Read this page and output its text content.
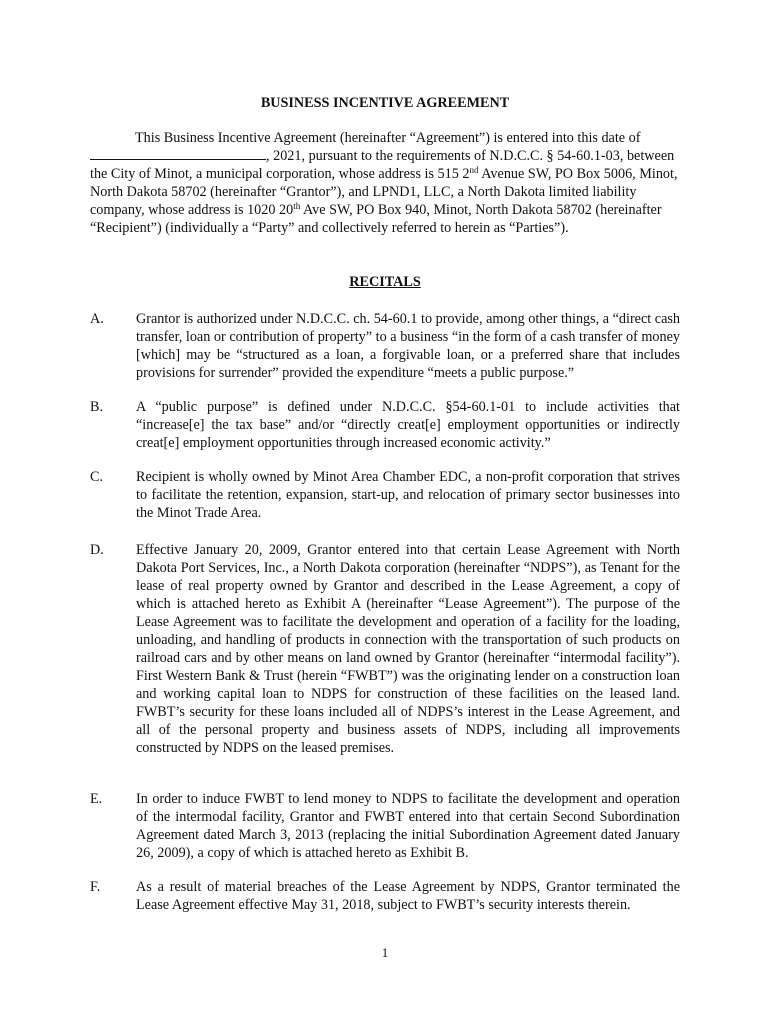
BUSINESS INCENTIVE AGREEMENT
This Business Incentive Agreement (hereinafter “Agreement”) is entered into this date of , 2021, pursuant to the requirements of N.D.C.C. § 54-60.1-03, between the City of Minot, a municipal corporation, whose address is 515 2nd Avenue SW, PO Box 5006, Minot, North Dakota 58702 (hereinafter “Grantor”), and LPND1, LLC, a North Dakota limited liability company, whose address is 1020 20th Ave SW, PO Box 940, Minot, North Dakota 58702 (hereinafter “Recipient”) (individually a “Party” and collectively referred to herein as “Parties”).
RECITALS
A.	Grantor is authorized under N.D.C.C. ch. 54-60.1 to provide, among other things, a “direct cash transfer, loan or contribution of property” to a business “in the form of a cash transfer of money [which] may be “structured as a loan, a forgivable loan, or a preferred share that includes provisions for surrender” provided the expenditure “meets a public purpose.”
B.	A “public purpose” is defined under N.D.C.C. §54-60.1-01 to include activities that “increase[e] the tax base” and/or “directly creat[e] employment opportunities or indirectly creat[e] employment opportunities through increased economic activity.”
C.	Recipient is wholly owned by Minot Area Chamber EDC, a non-profit corporation that strives to facilitate the retention, expansion, start-up, and relocation of primary sector businesses into the Minot Trade Area.
D.	Effective January 20, 2009, Grantor entered into that certain Lease Agreement with North Dakota Port Services, Inc., a North Dakota corporation (hereinafter “NDPS”), as Tenant for the lease of real property owned by Grantor and described in the Lease Agreement, a copy of which is attached hereto as Exhibit A (hereinafter “Lease Agreement”). The purpose of the Lease Agreement was to facilitate the development and operation of a facility for the loading, unloading, and handling of products in connection with the transportation of such products on railroad cars and by other means on land owned by Grantor (hereinafter “intermodal facility”). First Western Bank & Trust (herein “FWBT”) was the originating lender on a construction loan and working capital loan to NDPS for construction of these facilities on the leased land. FWBT’s security for these loans included all of NDPS’s interest in the Lease Agreement, and all of the personal property and business assets of NDPS, including all improvements constructed by NDPS on the leased premises.
E.	In order to induce FWBT to lend money to NDPS to facilitate the development and operation of the intermodal facility, Grantor and FWBT entered into that certain Second Subordination Agreement dated March 3, 2013 (replacing the initial Subordination Agreement dated January 26, 2009), a copy of which is attached hereto as Exhibit B.
F.	As a result of material breaches of the Lease Agreement by NDPS, Grantor terminated the Lease Agreement effective May 31, 2018, subject to FWBT’s security interests therein.
1
